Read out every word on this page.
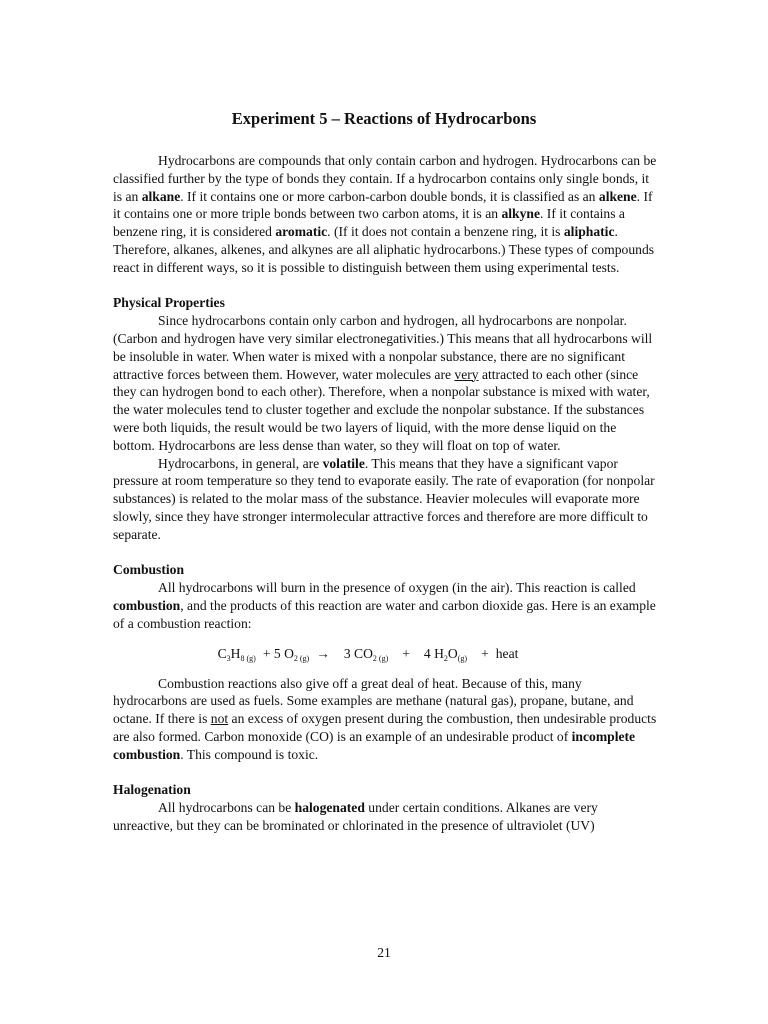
Experiment 5 – Reactions of Hydrocarbons

Hydrocarbons are compounds that only contain carbon and hydrogen. Hydrocarbons can be classified further by the type of bonds they contain. If a hydrocarbon contains only single bonds, it is an alkane. If it contains one or more carbon-carbon double bonds, it is classified as an alkene. If it contains one or more triple bonds between two carbon atoms, it is an alkyne. If it contains a benzene ring, it is considered aromatic. (If it does not contain a benzene ring, it is aliphatic. Therefore, alkanes, alkenes, and alkynes are all aliphatic hydrocarbons.) These types of compounds react in different ways, so it is possible to distinguish between them using experimental tests.

Physical Properties

Since hydrocarbons contain only carbon and hydrogen, all hydrocarbons are nonpolar. (Carbon and hydrogen have very similar electronegativities.) This means that all hydrocarbons will be insoluble in water. When water is mixed with a nonpolar substance, there are no significant attractive forces between them. However, water molecules are very attracted to each other (since they can hydrogen bond to each other). Therefore, when a nonpolar substance is mixed with water, the water molecules tend to cluster together and exclude the nonpolar substance. If the substances were both liquids, the result would be two layers of liquid, with the more dense liquid on the bottom. Hydrocarbons are less dense than water, so they will float on top of water.

Hydrocarbons, in general, are volatile. This means that they have a significant vapor pressure at room temperature so they tend to evaporate easily. The rate of evaporation (for nonpolar substances) is related to the molar mass of the substance. Heavier molecules will evaporate more slowly, since they have stronger intermolecular attractive forces and therefore are more difficult to separate.

Combustion

All hydrocarbons will burn in the presence of oxygen (in the air). This reaction is called combustion, and the products of this reaction are water and carbon dioxide gas. Here is an example of a combustion reaction:

$C_3H_{8 (g)} + 5$ $O_{2 (g)} \to 3$ $CO_{2 (g)} + 4$ $H_2O_{(g)}$ + heat

Combustion reactions also give off a great deal of heat. Because of this, many hydrocarbons are used as fuels. Some examples are methane (natural gas), propane, butane, and octane. If there is not an excess of oxygen present during the combustion, then undesirable products are also formed. Carbon monoxide (CO) is an example of an undesirable product of incomplete combustion. This compound is toxic.

Halogenation

All hydrocarbons can be halogenated under certain conditions. Alkanes are very unreactive, but they can be brominated or chlorinated in the presence of ultraviolet (UV)

21
